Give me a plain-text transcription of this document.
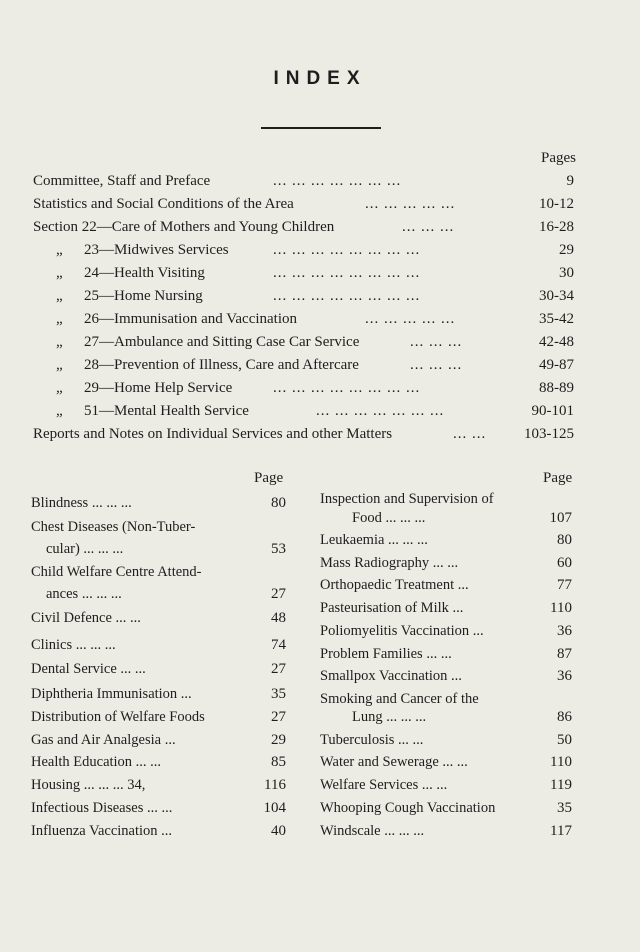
INDEX
Pages
Committee, Staff and Preface	... ... ... ... ... ... ...	9
Statistics and Social Conditions of the Area	... ... ... ... ...	10-12
Section 22—Care of Mothers and Young Children	... ... ...	16-28
„ 23—Midwives Services	... ... ... ... ... ... ... ...	29
„ 24—Health Visiting	... ... ... ... ... ... ... ...	30
„ 25—Home Nursing	... ... ... ... ... ... ... ...	30-34
„ 26—Immunisation and Vaccination	... ... ... ... ...	35-42
„ 27—Ambulance and Sitting Case Car Service	... ... ...	42-48
„ 28—Prevention of Illness, Care and Aftercare	... ... ...	49-87
„ 29—Home Help Service	... ... ... ... ... ... ... ...	88-89
„ 51—Mental Health Service	... ... ... ... ... ... ...	90-101
Reports and Notes on Individual Services and other Matters	... ...	103-125
Page	Page
Blindness ... ... ...	80
Chest Diseases (Non-Tuber-
cular) ... ... ...	53
Child Welfare Centre Attend-
ances ... ... ...	27
Civil Defence ... ...	48
Clinics ... ... ...	74
Dental Service ... ...	27
Diphtheria Immunisation ...	35
Distribution of Welfare Foods	27
Gas and Air Analgesia ...	29
Health Education ... ...	85
Housing ... ... ... 34,	116
Infectious Diseases ... ...	104
Influenza Vaccination ...	40
Inspection and Supervision of
Food ... ... ...	107
Leukaemia ... ... ...	80
Mass Radiography ... ...	60
Orthopaedic Treatment ...	77
Pasteurisation of Milk ...	110
Poliomyelitis Vaccination ...	36
Problem Families ... ...	87
Smallpox Vaccination ...	36
Smoking and Cancer of the
Lung ... ... ...	86
Tuberculosis ... ...	50
Water and Sewerage ... ...	110
Welfare Services ... ...	119
Whooping Cough Vaccination	35
Windscale ... ... ...	117
